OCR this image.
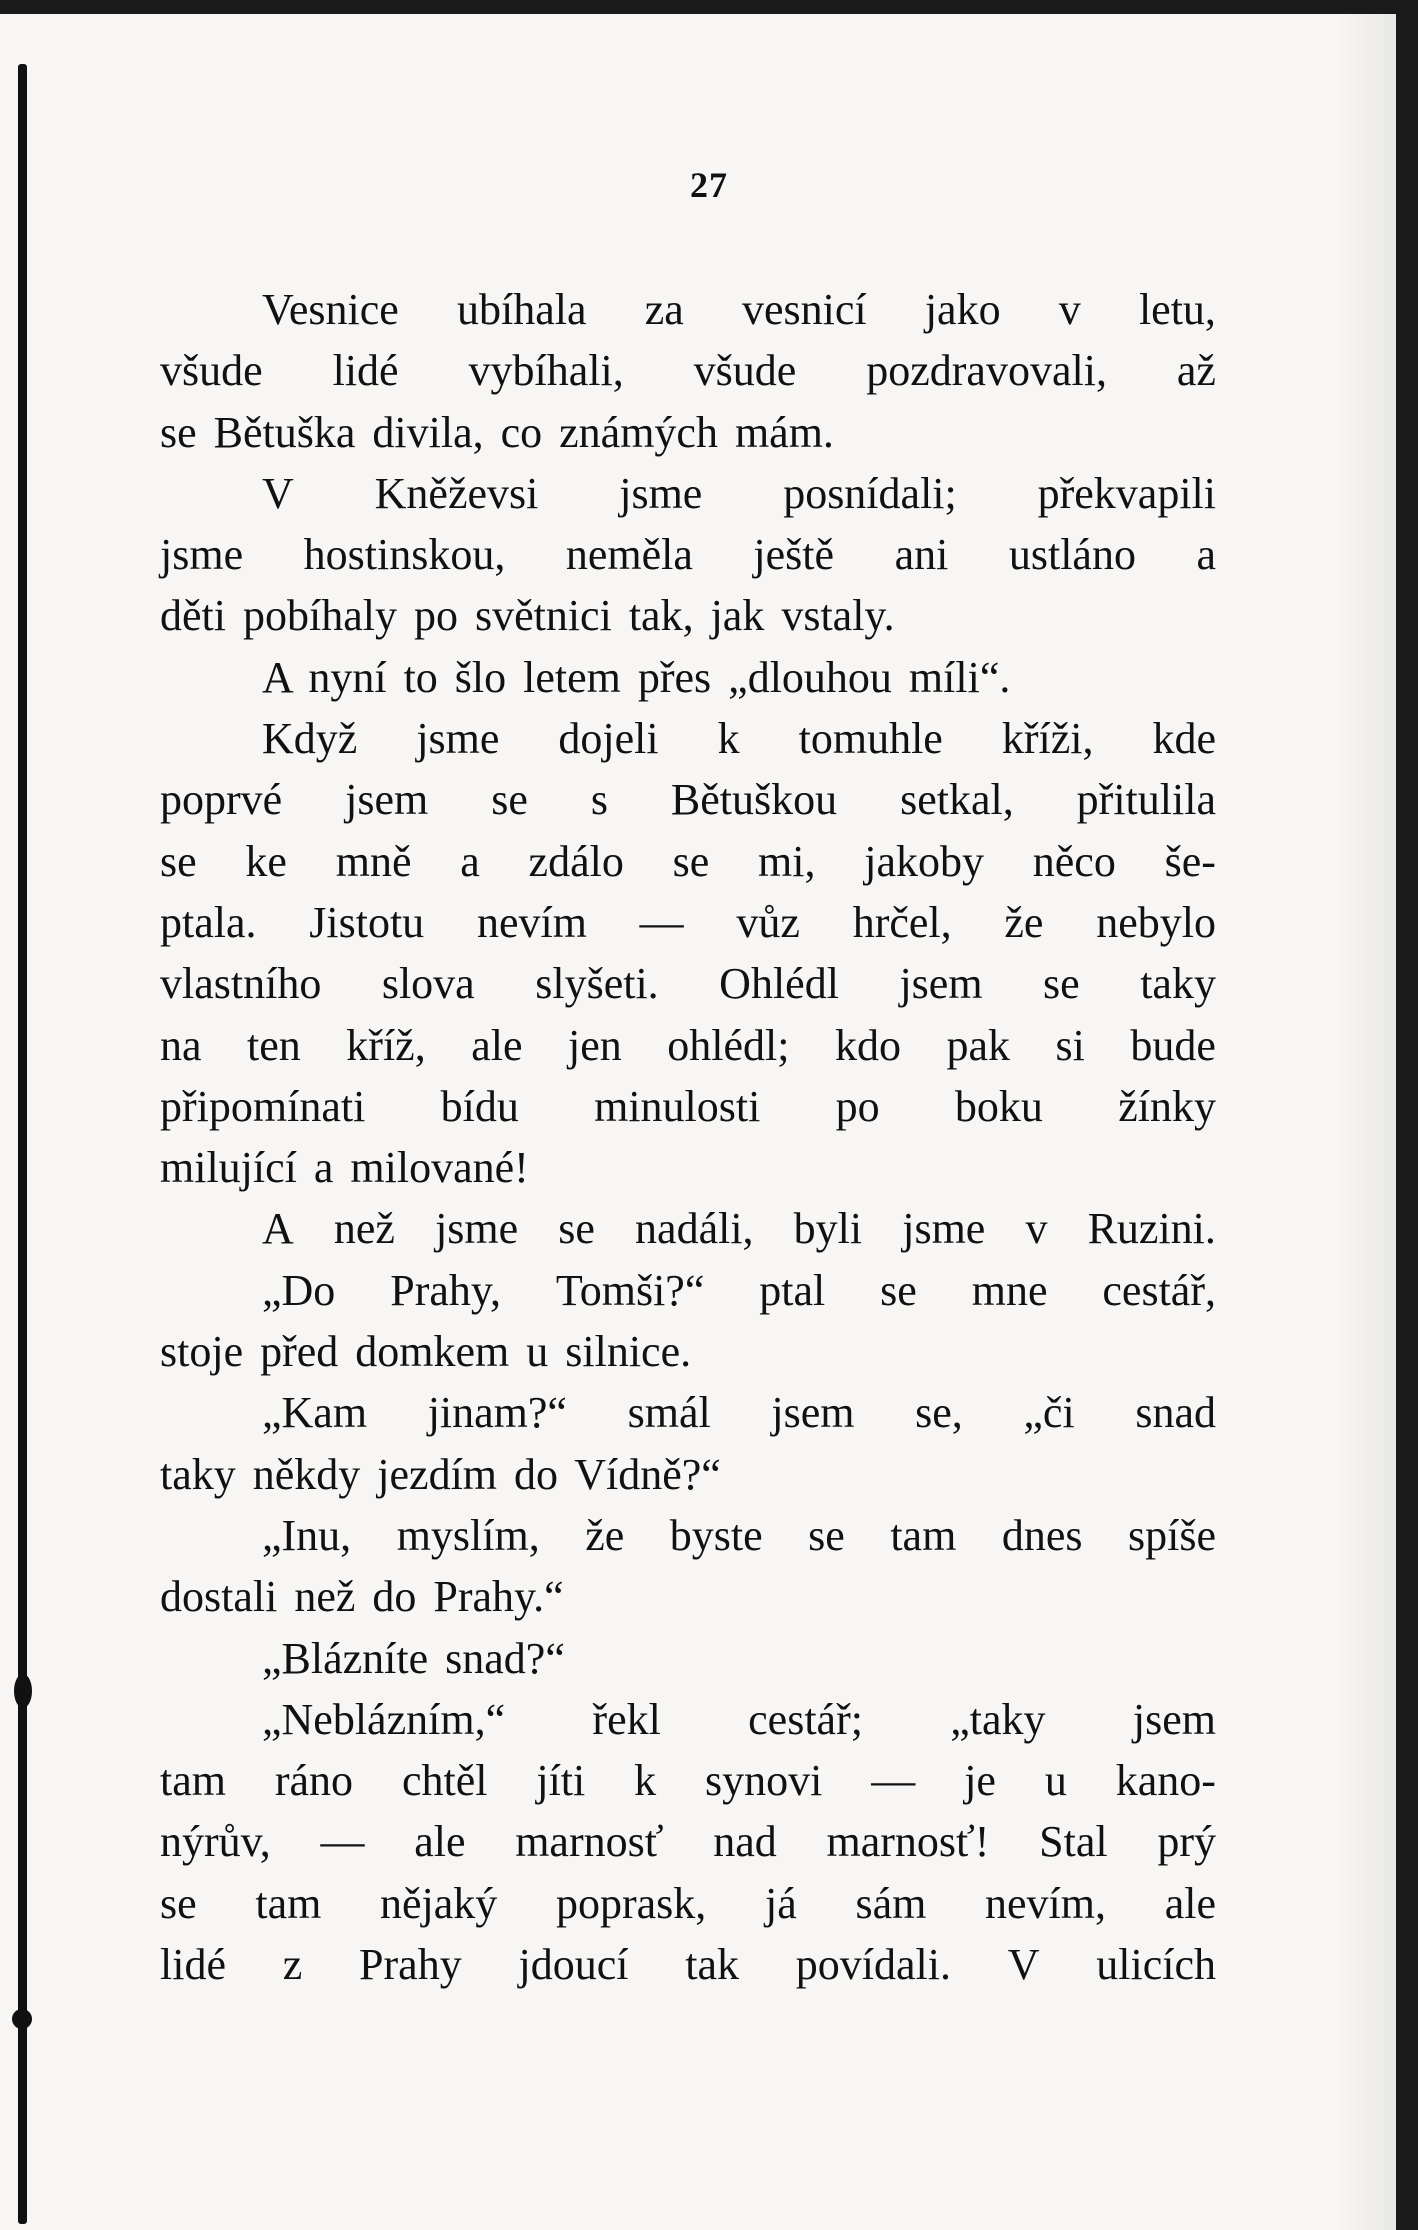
27
Vesnice ubíhala za vesnicí jako v letu,
všude lidé vybíhali, všude pozdravovali, až
se Bětuška divila, co známých mám.
V Kněževsi jsme posnídali; překvapili
jsme hostinskou, neměla ještě ani ustláno a
děti pobíhaly po světnici tak, jak vstaly.
A nyní to šlo letem přes „dlouhou míli“.
Když jsme dojeli k tomuhle kříži, kde
poprvé jsem se s Bětuškou setkal, přitulila
se ke mně a zdálo se mi, jakoby něco še-
ptala. Jistotu nevím — vůz hrčel, že nebylo
vlastního slova slyšeti. Ohlédl jsem se taky
na ten kříž, ale jen ohlédl; kdo pak si bude
připomínati bídu minulosti po boku žínky
milující a milované!
A než jsme se nadáli, byli jsme v Ruzini.
„Do Prahy, Tomši?“ ptal se mne cestář,
stoje před domkem u silnice.
„Kam jinam?“ smál jsem se, „či snad
taky někdy jezdím do Vídně?“
„Inu, myslím, že byste se tam dnes spíše
dostali než do Prahy.“
„Blázníte snad?“
„Neblázním,“ řekl cestář; „taky jsem
tam ráno chtěl jíti k synovi — je u kano-
nýrův, — ale marnosť nad marnosť! Stal prý
se tam nějaký poprask, já sám nevím, ale
lidé z Prahy jdoucí tak povídali. V ulicích
